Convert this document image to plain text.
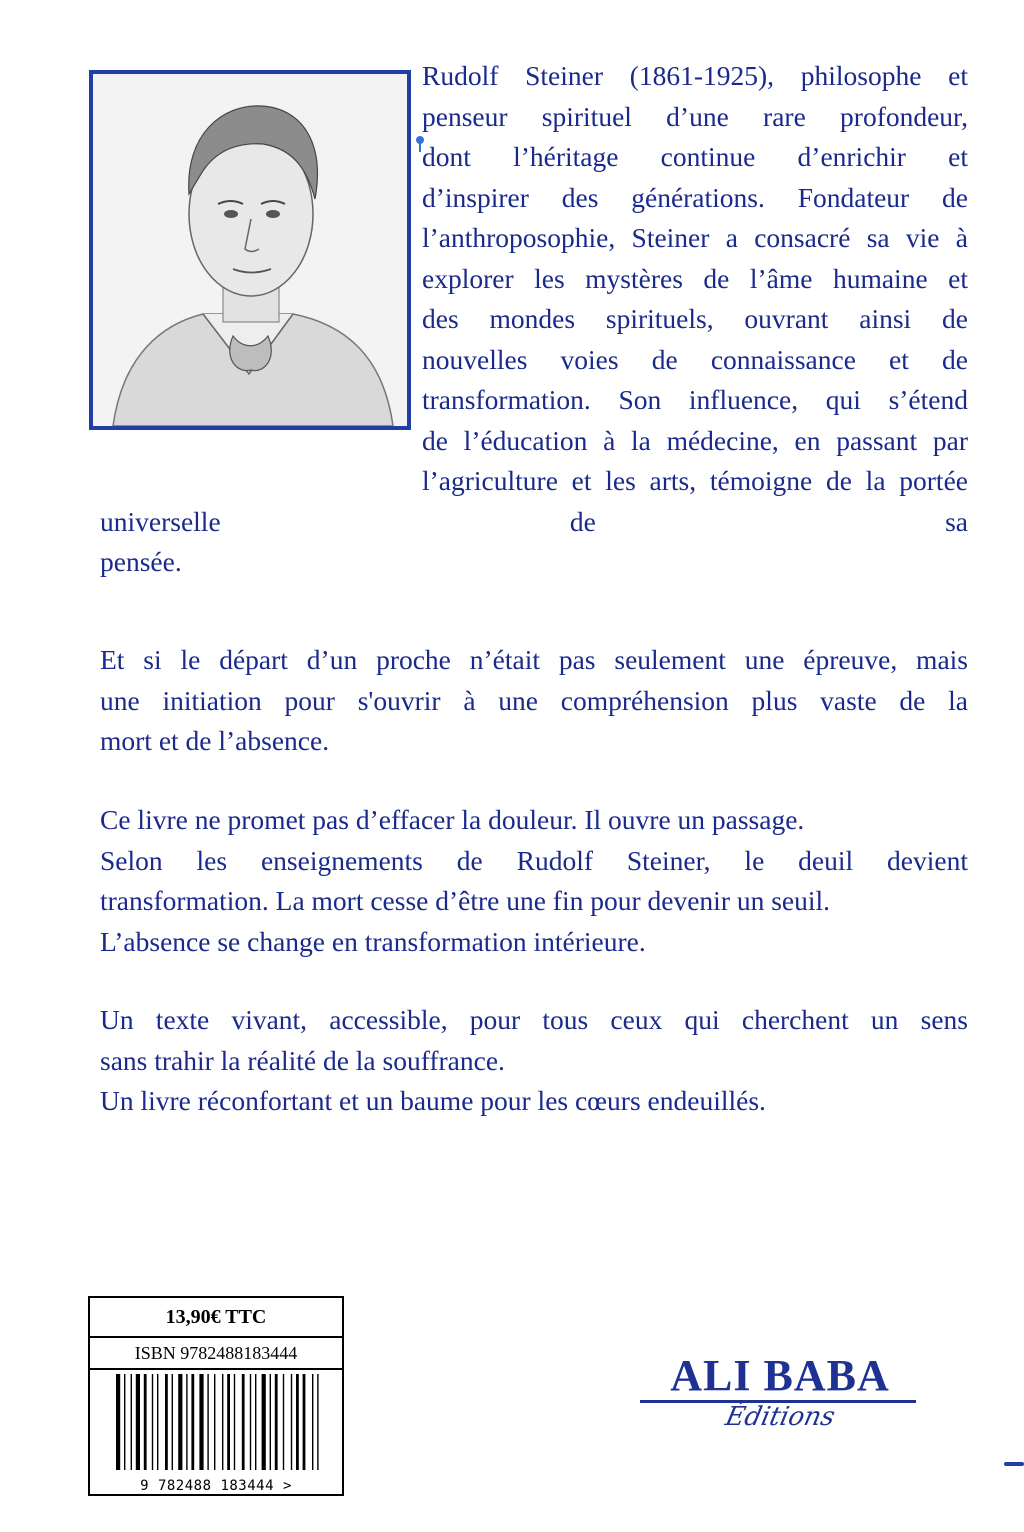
Rudolf Steiner (1861-1925), philosophe et
penseur spirituel d’une rare profondeur,
dont l’héritage continue d’enrichir et
d’inspirer des générations. Fondateur de
l’anthroposophie, Steiner a consacré sa vie à
explorer les mystères de l’âme humaine et
des mondes spirituels, ouvrant ainsi de
nouvelles voies de connaissance et de
transformation. Son influence, qui s’étend
de l’éducation à la médecine, en passant par
l’agriculture et les arts, témoigne de la portée universelle de sa
pensée.
Et si le départ d’un proche n’était pas seulement une épreuve, mais
une initiation pour s'ouvrir à une compréhension plus vaste de la
mort et de l’absence.
Ce livre ne promet pas d’effacer la douleur. Il ouvre un passage.
Selon les enseignements de Rudolf Steiner, le deuil devient
transformation. La mort cesse d’être une fin pour devenir un seuil.
L’absence se change en transformation intérieure.
Un texte vivant, accessible, pour tous ceux qui cherchent un sens
sans trahir la réalité de la souffrance.
Un livre réconfortant et un baume pour les cœurs endeuillés.
13,90€ TTC
ISBN 9782488183444
9 782488 183444 >
ALI BABA
Éditions
